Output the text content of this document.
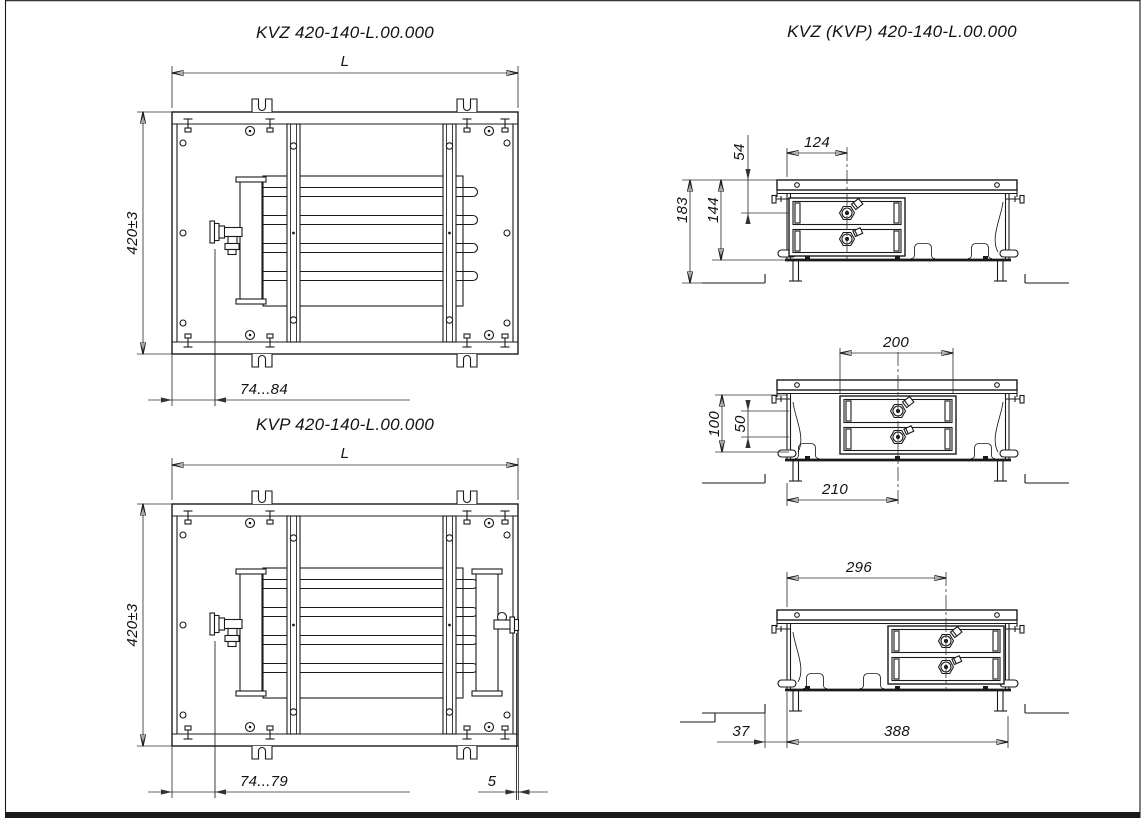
KVZ 420-140-L.00.000
L
420±3
74...84
KVP 420-140-L.00.000
L
420±3
74...79	5
KVZ (KVP) 420-140-L.00.000
124
54
144
183
200
100 50
210
296
37	388
